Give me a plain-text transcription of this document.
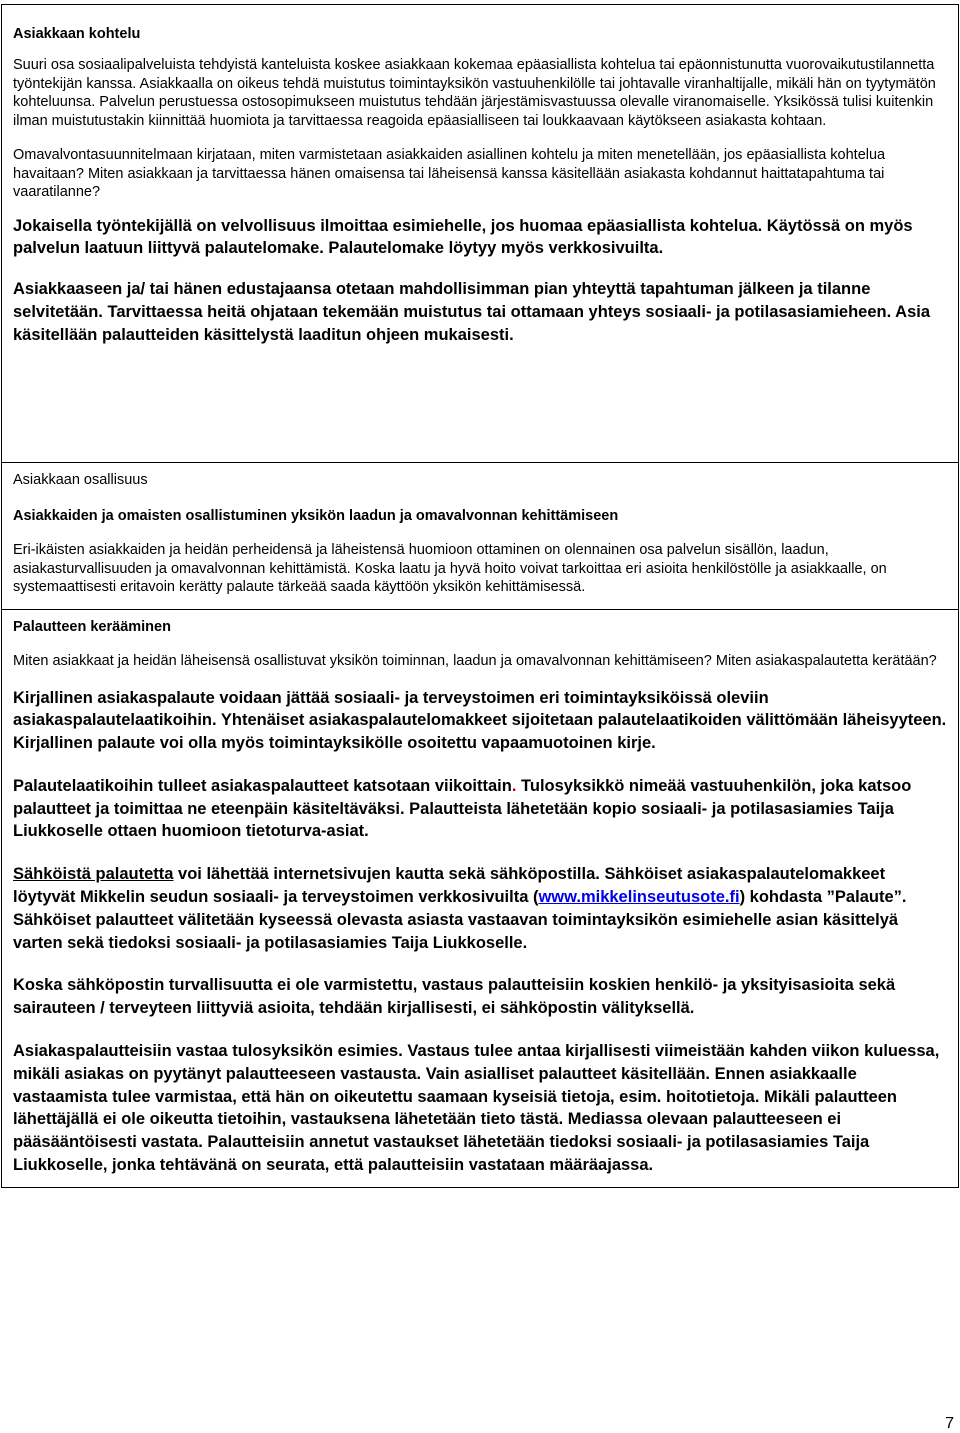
Asiakkaan kohtelu

Suuri osa sosiaalipalveluista tehdyistä kanteluista koskee asiakkaan kokemaa epäasiallista kohtelua tai epäonnistunutta vuorovaikutustilannetta työntekijän kanssa. Asiakkaalla on oikeus tehdä muistutus toimintayksikön vastuuhenkilölle tai johtavalle viranhaltijalle, mikäli hän on tyytymätön kohteluunsa. Palvelun perustuessa ostosopimukseen muistutus tehdään järjestämisvastuussa olevalle viranomaiselle. Yksikössä tulisi kuitenkin ilman muistutustakin kiinnittää huomiota ja tarvittaessa reagoida epäasialliseen tai loukkaavaan käytökseen asiakasta kohtaan.

Omavalvontasuunnitelmaan kirjataan, miten varmistetaan asiakkaiden asiallinen kohtelu ja miten menetellään, jos epäasiallista kohtelua havaitaan? Miten asiakkaan ja tarvittaessa hänen omaisensa tai läheisensä kanssa käsitellään asiakasta kohdannut haittatapahtuma tai vaaratilanne?

Jokaisella työntekijällä on velvollisuus ilmoittaa esimiehelle, jos huomaa epäasiallista kohtelua. Käytössä on myös palvelun laatuun liittyvä palautelomake. Palautelomake löytyy myös verkkosivuilta.

Asiakkaaseen ja/ tai hänen edustajaansa otetaan mahdollisimman pian yhteyttä tapahtuman jälkeen ja tilanne selvitetään. Tarvittaessa heitä ohjataan tekemään muistutus tai ottamaan yhteys sosiaali- ja potilasasiamieheen. Asia käsitellään palautteiden käsittelystä laaditun ohjeen mukaisesti.

Asiakkaan osallisuus

Asiakkaiden ja omaisten osallistuminen yksikön laadun ja omavalvonnan kehittämiseen

Eri-ikäisten asiakkaiden ja heidän perheidensä ja läheistensä huomioon ottaminen on olennainen osa palvelun sisällön, laadun, asiakasturvallisuuden ja omavalvonnan kehittämistä. Koska laatu ja hyvä hoito voivat tarkoittaa eri asioita henkilöstölle ja asiakkaalle, on systemaattisesti eritavoin kerätty palaute tärkeää saada käyttöön yksikön kehittämisessä.

Palautteen kerääminen

Miten asiakkaat ja heidän läheisensä osallistuvat yksikön toiminnan, laadun ja omavalvonnan kehittämiseen? Miten asiakaspalautetta kerätään?

Kirjallinen asiakaspalaute voidaan jättää sosiaali- ja terveystoimen eri toimintayksiköissä oleviin asiakaspalautelaatikoihin. Yhtenäiset asiakaspalautelomakkeet sijoitetaan palautelaatikoiden välittömään läheisyyteen. Kirjallinen palaute voi olla myös toimintayksikölle osoitettu vapaamuotoinen kirje.

Palautelaatikoihin tulleet asiakaspalautteet katsotaan viikoittain. Tulosyksikkö nimeää vastuuhenkilön, joka katsoo palautteet ja toimittaa ne eteenpäin käsiteltäväksi. Palautteista lähetetään kopio sosiaali- ja potilasasiamies Taija Liukkoselle ottaen huomioon tietoturva-asiat.

Sähköistä palautetta voi lähettää internetsivujen kautta sekä sähköpostilla. Sähköiset asiakaspalautelomakkeet löytyvät Mikkelin seudun sosiaali- ja terveystoimen verkkosivuilta (www.mikkelinseutusote.fi) kohdasta ”Palaute”. Sähköiset palautteet välitetään kyseessä olevasta asiasta vastaavan toimintayksikön esimiehelle asian käsittelyä varten sekä tiedoksi sosiaali- ja potilasasiamies Taija Liukkoselle.

Koska sähköpostin turvallisuutta ei ole varmistettu, vastaus palautteisiin koskien henkilö- ja yksityisasioita sekä sairauteen / terveyteen liittyviä asioita, tehdään kirjallisesti, ei sähköpostin välityksellä.

Asiakaspalautteisiin vastaa tulosyksikön esimies. Vastaus tulee antaa kirjallisesti viimeistään kahden viikon kuluessa, mikäli asiakas on pyytänyt palautteeseen vastausta. Vain asialliset palautteet käsitellään. Ennen asiakkaalle vastaamista tulee varmistaa, että hän on oikeutettu saamaan kyseisiä tietoja, esim. hoitotietoja. Mikäli palautteen lähettäjällä ei ole oikeutta tietoihin, vastauksena lähetetään tieto tästä. Mediassa olevaan palautteeseen ei pääsääntöisesti vastata. Palautteisiin annetut vastaukset lähetetään tiedoksi sosiaali- ja potilasasiamies Taija Liukkoselle, jonka tehtävänä on seurata, että palautteisiin vastataan määräajassa.

7
